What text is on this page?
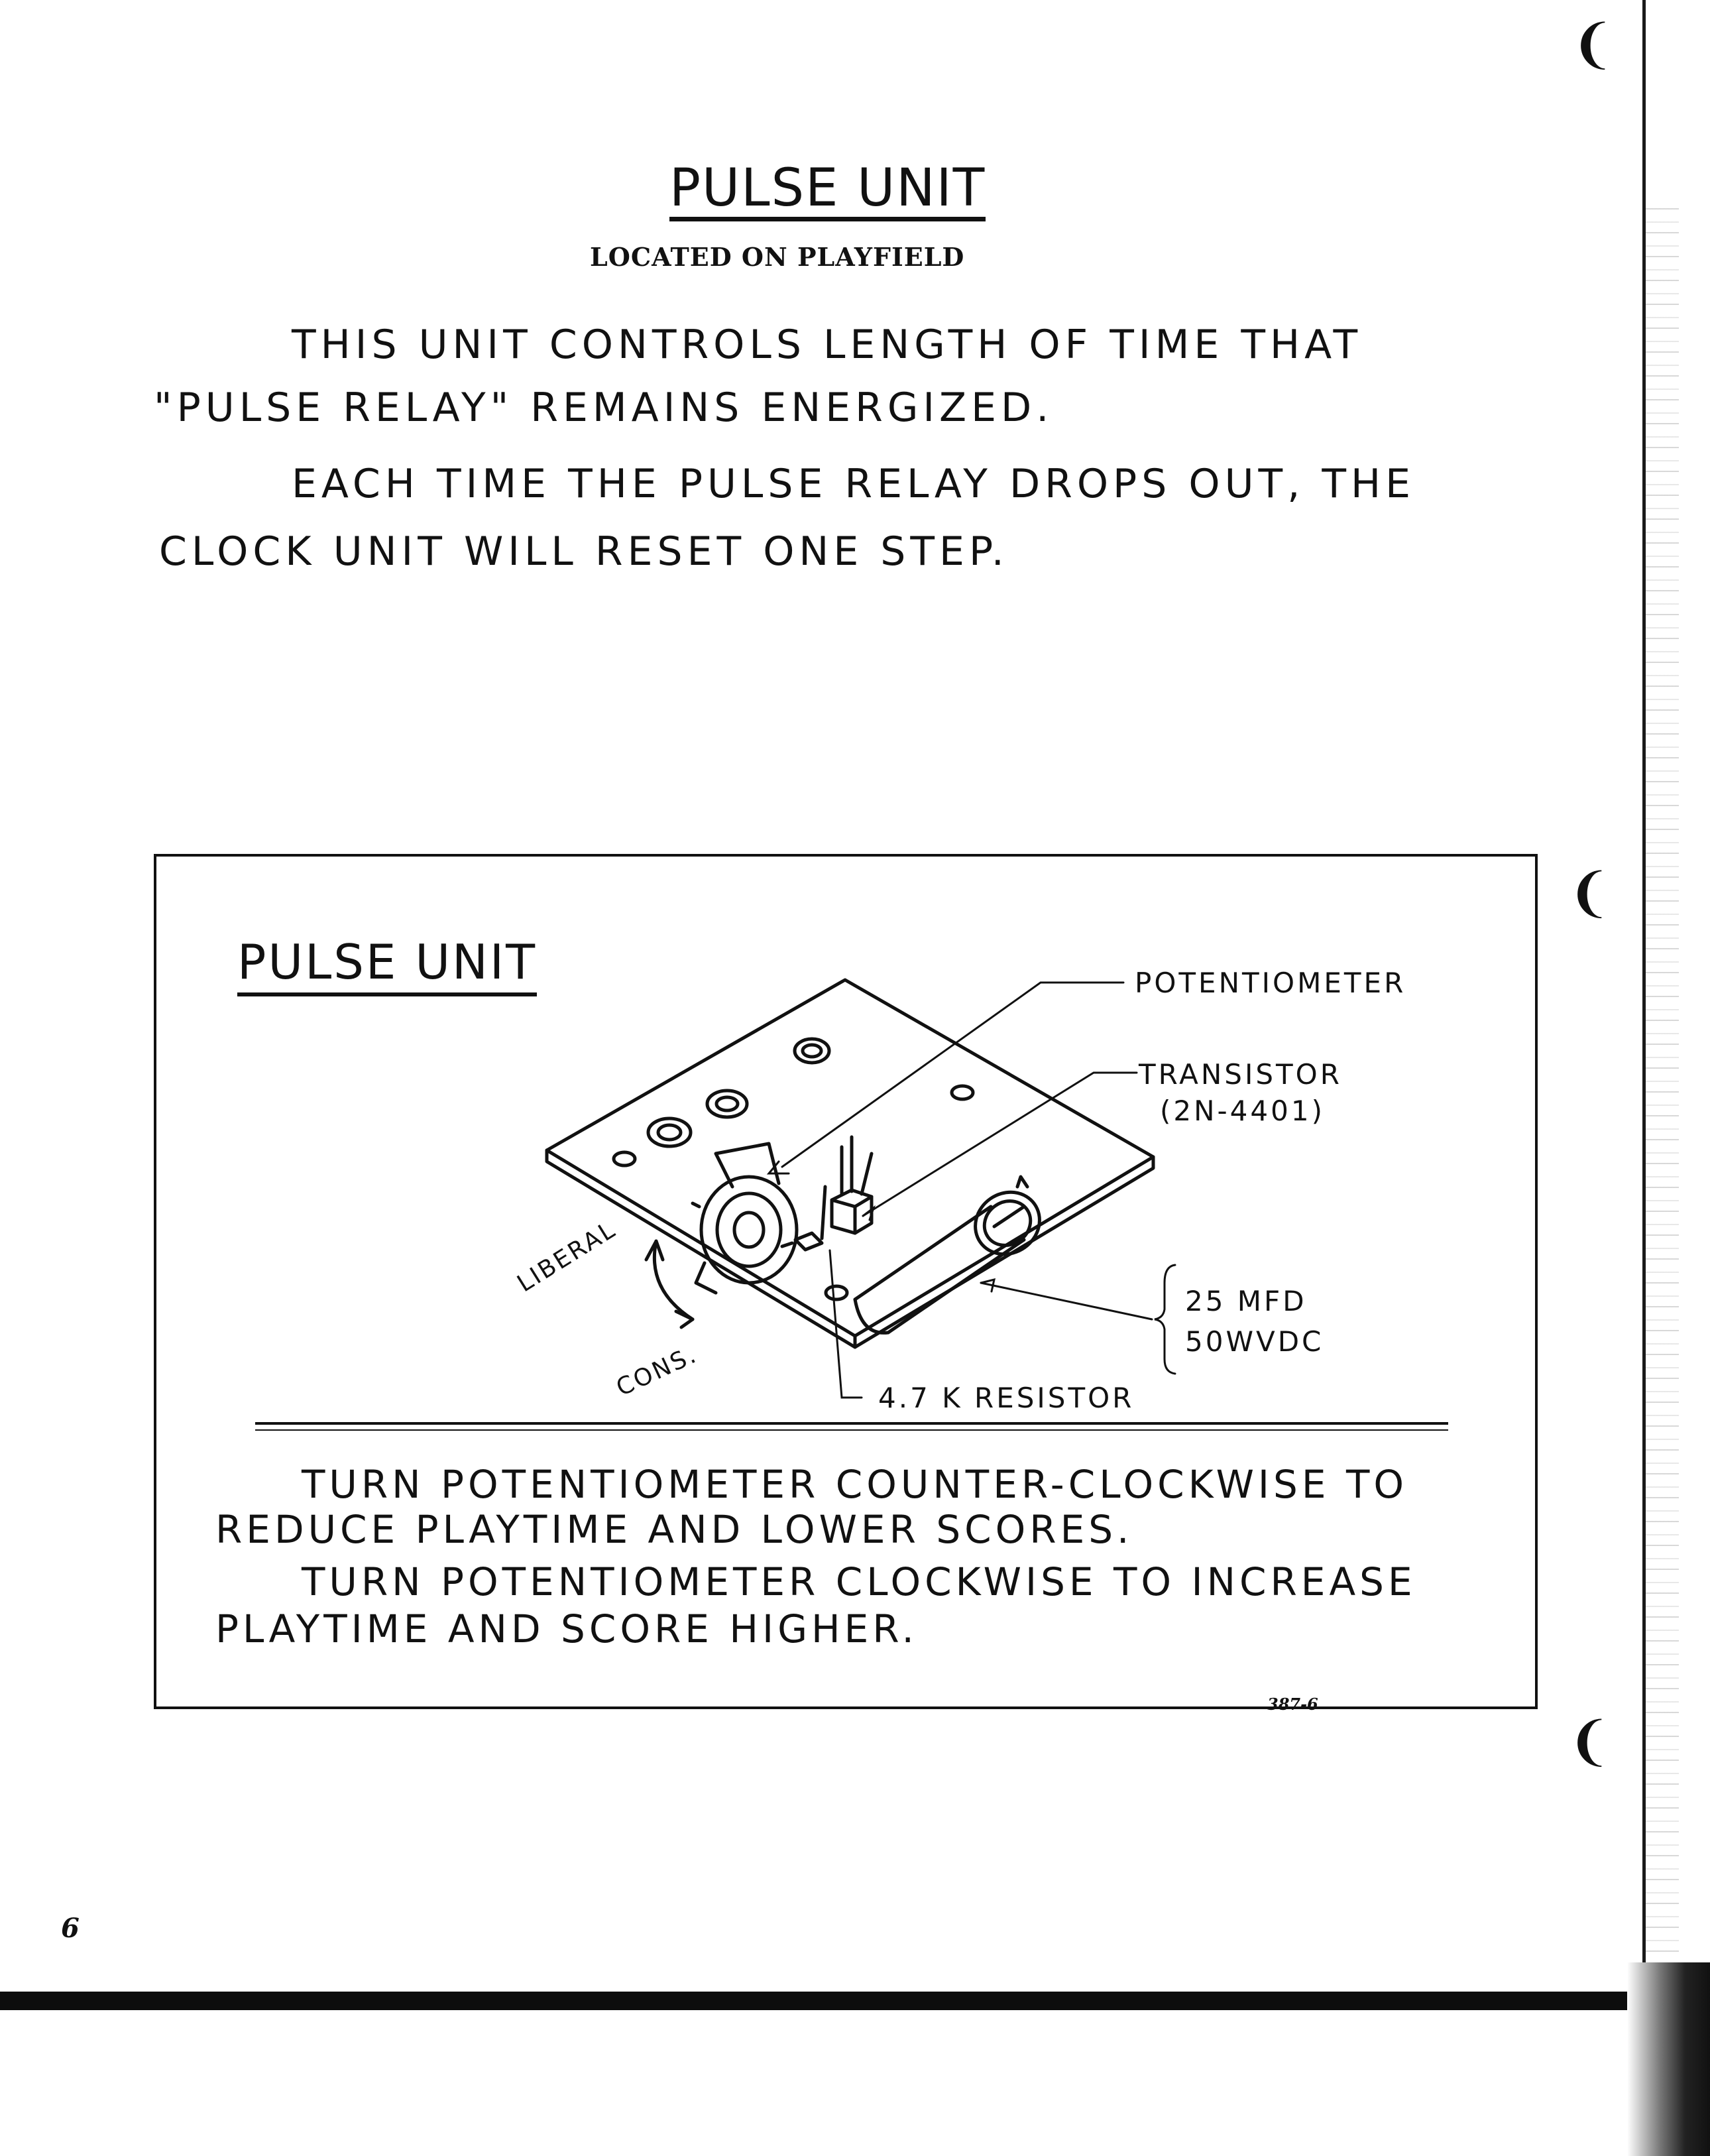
❩
❩
❩
PULSE UNIT
LOCATED ON PLAYFIELD
THIS UNIT CONTROLS LENGTH OF TIME THAT
"PULSE RELAY" REMAINS ENERGIZED.
EACH TIME THE PULSE RELAY DROPS OUT, THE
CLOCK UNIT WILL RESET ONE STEP.
PULSE UNIT	POTENTIOMETER
TRANSISTOR
(2N-4401)
25 MFD
50WVDC
4.7 K RESISTOR
LIBERAL
CONS.
TURN POTENTIOMETER COUNTER-CLOCKWISE TO
REDUCE PLAYTIME AND LOWER SCORES.
TURN POTENTIOMETER CLOCKWISE TO INCREASE
PLAYTIME AND SCORE HIGHER.
387-6
6
